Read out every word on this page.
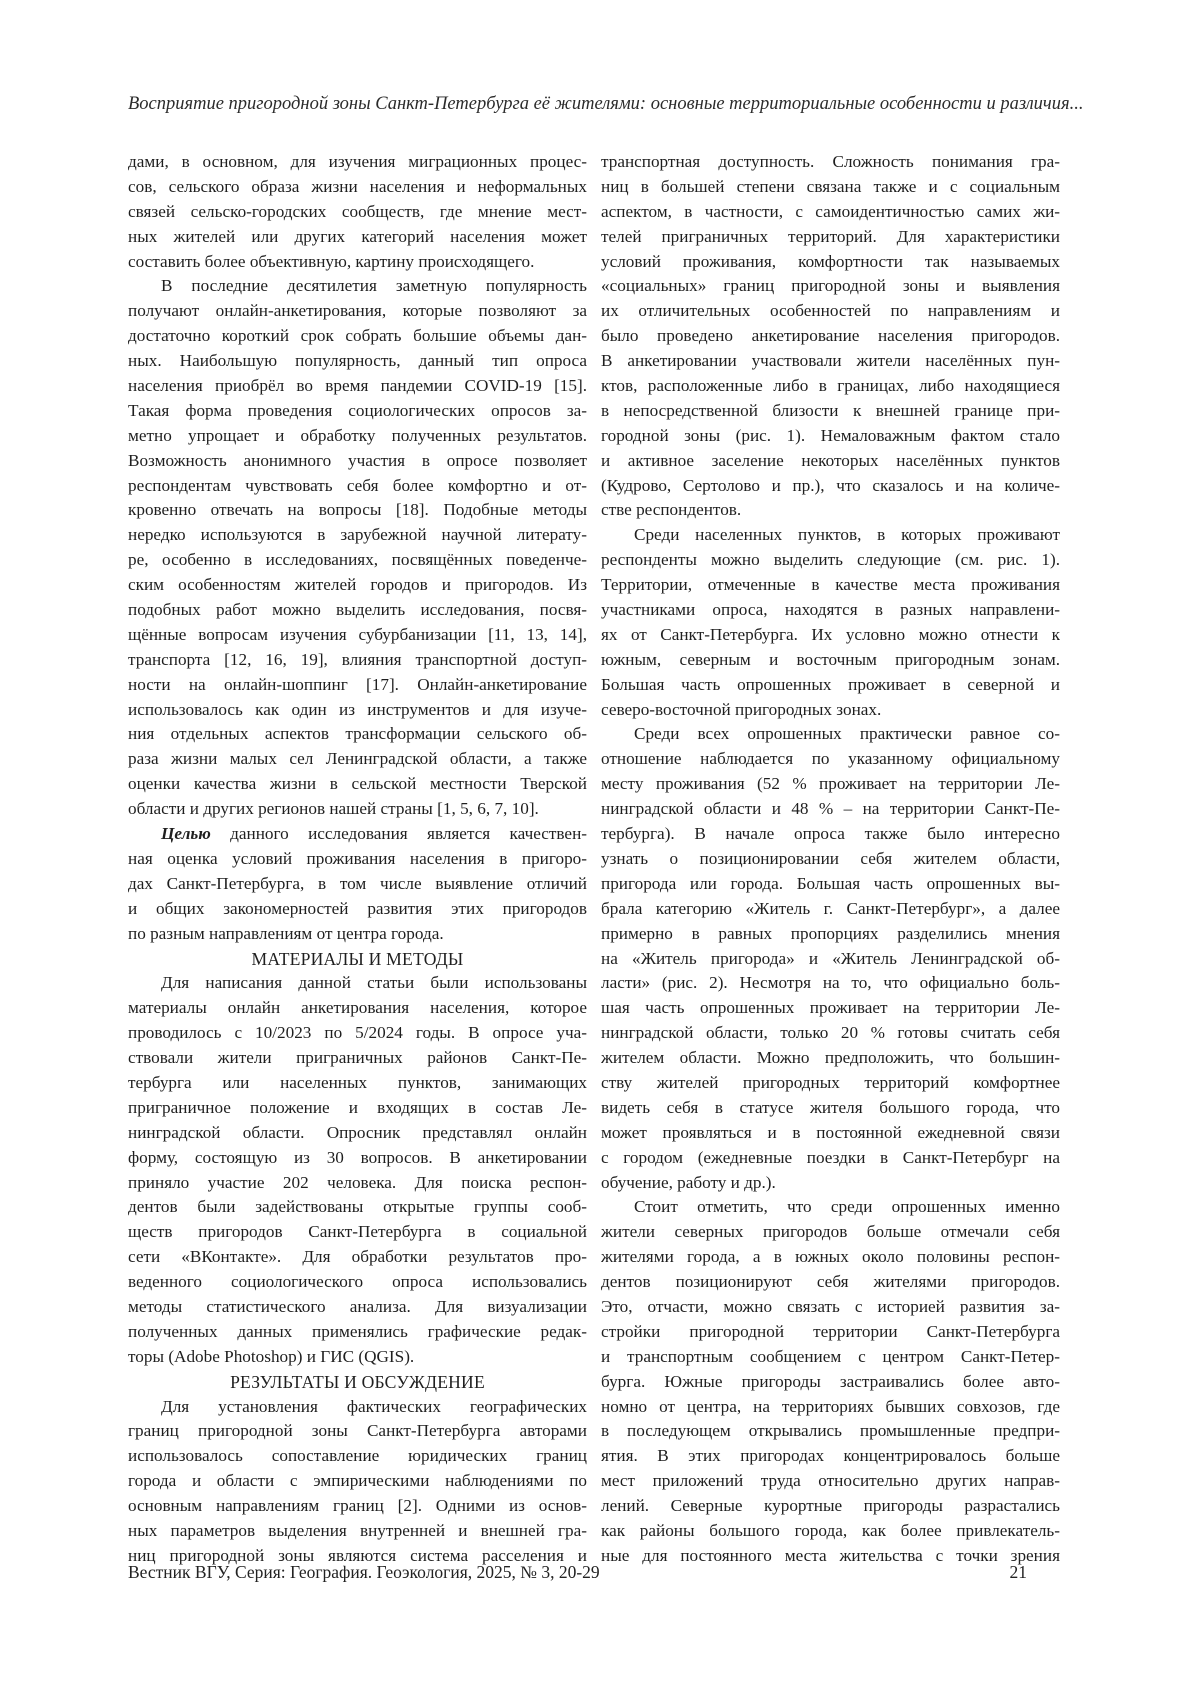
Восприятие пригородной зоны Санкт-Петербурга её жителями: основные территориальные особенности и различия...
дами, в основном, для изучения миграционных процес-
сов, сельского образа жизни населения и неформальных
связей сельско-городских сообществ, где мнение мест-
ных жителей или других категорий населения может
составить более объективную, картину происходящего.
В последние десятилетия заметную популярность
получают онлайн-анкетирования, которые позволяют за
достаточно короткий срок собрать большие объемы дан-
ных. Наибольшую популярность, данный тип опроса
населения приобрёл во время пандемии COVID-19 [15].
Такая форма проведения социологических опросов за-
метно упрощает и обработку полученных результатов.
Возможность анонимного участия в опросе позволяет
респондентам чувствовать себя более комфортно и от-
кровенно отвечать на вопросы [18]. Подобные методы
нередко используются в зарубежной научной литерату-
ре, особенно в исследованиях, посвящённых поведенче-
ским особенностям жителей городов и пригородов. Из
подобных работ можно выделить исследования, посвя-
щённые вопросам изучения субурбанизации [11, 13, 14],
транспорта [12, 16, 19], влияния транспортной доступ-
ности на онлайн-шоппинг [17]. Онлайн-анкетирование
использовалось как один из инструментов и для изуче-
ния отдельных аспектов трансформации сельского об-
раза жизни малых сел Ленинградской области, а также
оценки качества жизни в сельской местности Тверской
области и других регионов нашей страны [1, 5, 6, 7, 10].
Целью данного исследования является качествен-
ная оценка условий проживания населения в пригоро-
дах Санкт-Петербурга, в том числе выявление отличий
и общих закономерностей развития этих пригородов
по разным направлениям от центра города.
МАТЕРИАЛЫ И МЕТОДЫ
Для написания данной статьи были использованы
материалы онлайн анкетирования населения, которое
проводилось с 10/2023 по 5/2024 годы. В опросе уча-
ствовали жители приграничных районов Санкт-Пе-
тербурга или населенных пунктов, занимающих
приграничное положение и входящих в состав Ле-
нинградской области. Опросник представлял онлайн
форму, состоящую из 30 вопросов. В анкетировании
приняло участие 202 человека. Для поиска респон-
дентов были задействованы открытые группы сооб-
ществ пригородов Санкт-Петербурга в социальной
сети «ВКонтакте». Для обработки результатов про-
веденного социологического опроса использовались
методы статистического анализа. Для визуализации
полученных данных применялись графические редак-
торы (Adobe Photoshop) и ГИС (QGIS).
РЕЗУЛЬТАТЫ И ОБСУЖДЕНИЕ
Для установления фактических географических
границ пригородной зоны Санкт-Петербурга авторами
использовалось сопоставление юридических границ
города и области с эмпирическими наблюдениями по
основным направлениям границ [2]. Одними из основ-
ных параметров выделения внутренней и внешней гра-
ниц пригородной зоны являются система расселения и
транспортная доступность. Сложность понимания гра-
ниц в большей степени связана также и с социальным
аспектом, в частности, с самоидентичностью самих жи-
телей приграничных территорий. Для характеристики
условий проживания, комфортности так называемых
«социальных» границ пригородной зоны и выявления
их отличительных особенностей по направлениям и
было проведено анкетирование населения пригородов.
В анкетировании участвовали жители населённых пун-
ктов, расположенные либо в границах, либо находящиеся
в непосредственной близости к внешней границе при-
городной зоны (рис. 1). Немаловажным фактом стало
и активное заселение некоторых населённых пунктов
(Кудрово, Сертолово и пр.), что сказалось и на количе-
стве респондентов.
Среди населенных пунктов, в которых проживают
респонденты можно выделить следующие (см. рис. 1).
Территории, отмеченные в качестве места проживания
участниками опроса, находятся в разных направлени-
ях от Санкт-Петербурга. Их условно можно отнести к
южным, северным и восточным пригородным зонам.
Большая часть опрошенных проживает в северной и
северо-восточной пригородных зонах.
Среди всех опрошенных практически равное со-
отношение наблюдается по указанному официальному
месту проживания (52 % проживает на территории Ле-
нинградской области и 48 % – на территории Санкт-Пе-
тербурга). В начале опроса также было интересно
узнать о позиционировании себя жителем области,
пригорода или города. Большая часть опрошенных вы-
брала категорию «Житель г. Санкт-Петербург», а далее
примерно в равных пропорциях разделились мнения
на «Житель пригорода» и «Житель Ленинградской об-
ласти» (рис. 2). Несмотря на то, что официально боль-
шая часть опрошенных проживает на территории Ле-
нинградской области, только 20 % готовы считать себя
жителем области. Можно предположить, что большин-
ству жителей пригородных территорий комфортнее
видеть себя в статусе жителя большого города, что
может проявляться и в постоянной ежедневной связи
с городом (ежедневные поездки в Санкт-Петербург на
обучение, работу и др.).
Стоит отметить, что среди опрошенных именно
жители северных пригородов больше отмечали себя
жителями города, а в южных около половины респон-
дентов позиционируют себя жителями пригородов.
Это, отчасти, можно связать с историей развития за-
стройки пригородной территории Санкт-Петербурга
и транспортным сообщением с центром Санкт-Петер-
бурга. Южные пригороды застраивались более авто-
номно от центра, на территориях бывших совхозов, где
в последующем открывались промышленные предпри-
ятия. В этих пригородах концентрировалось больше
мест приложений труда относительно других направ-
лений. Северные курортные пригороды разрастались
как районы большого города, как более привлекатель-
ные для постоянного места жительства с точки зрения
Вестник ВГУ, Серия: География. Геоэкология, 2025, № 3, 20-29	21
